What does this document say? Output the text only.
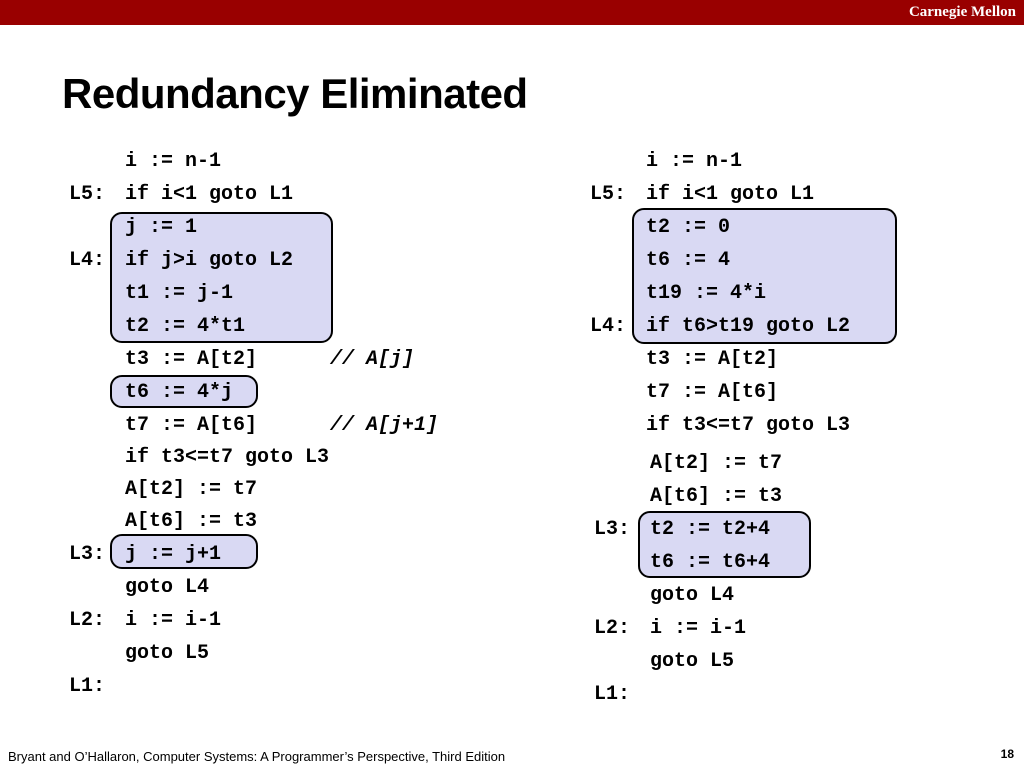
Carnegie Mellon
Redundancy Eliminated

i := n-1

L5: if i<1 goto L1

j := 1

L4: if j>i goto L2

t1 := j-1

t2 := 4*t1

t3 := A[t2]

t6 := 4*j

t7 := A[t6]

if t3<=t7 goto L3

A[t2] := t7

A[t6] := t3

L3: j := j+1

goto L4

L2: i := i-1

goto L5

L1:

// A[j]

// A[j+1]

i := n-1

L5: if i<1 goto L1

t2 := 0

t6 := 4

t19 := 4*i

L4: if t6>t19 goto L2

t3 := A[t2]

t7 := A[t6]

if t3<=t7 goto L3

A[t2] := t7

A[t6] := t3

L3: t2 := t2+4

t6 := t6+4

goto L4

L2: i := i-1

goto L5

L1:

Bryant and O’Hallaron, Computer Systems: A Programmer’s Perspective, Third Edition	18
